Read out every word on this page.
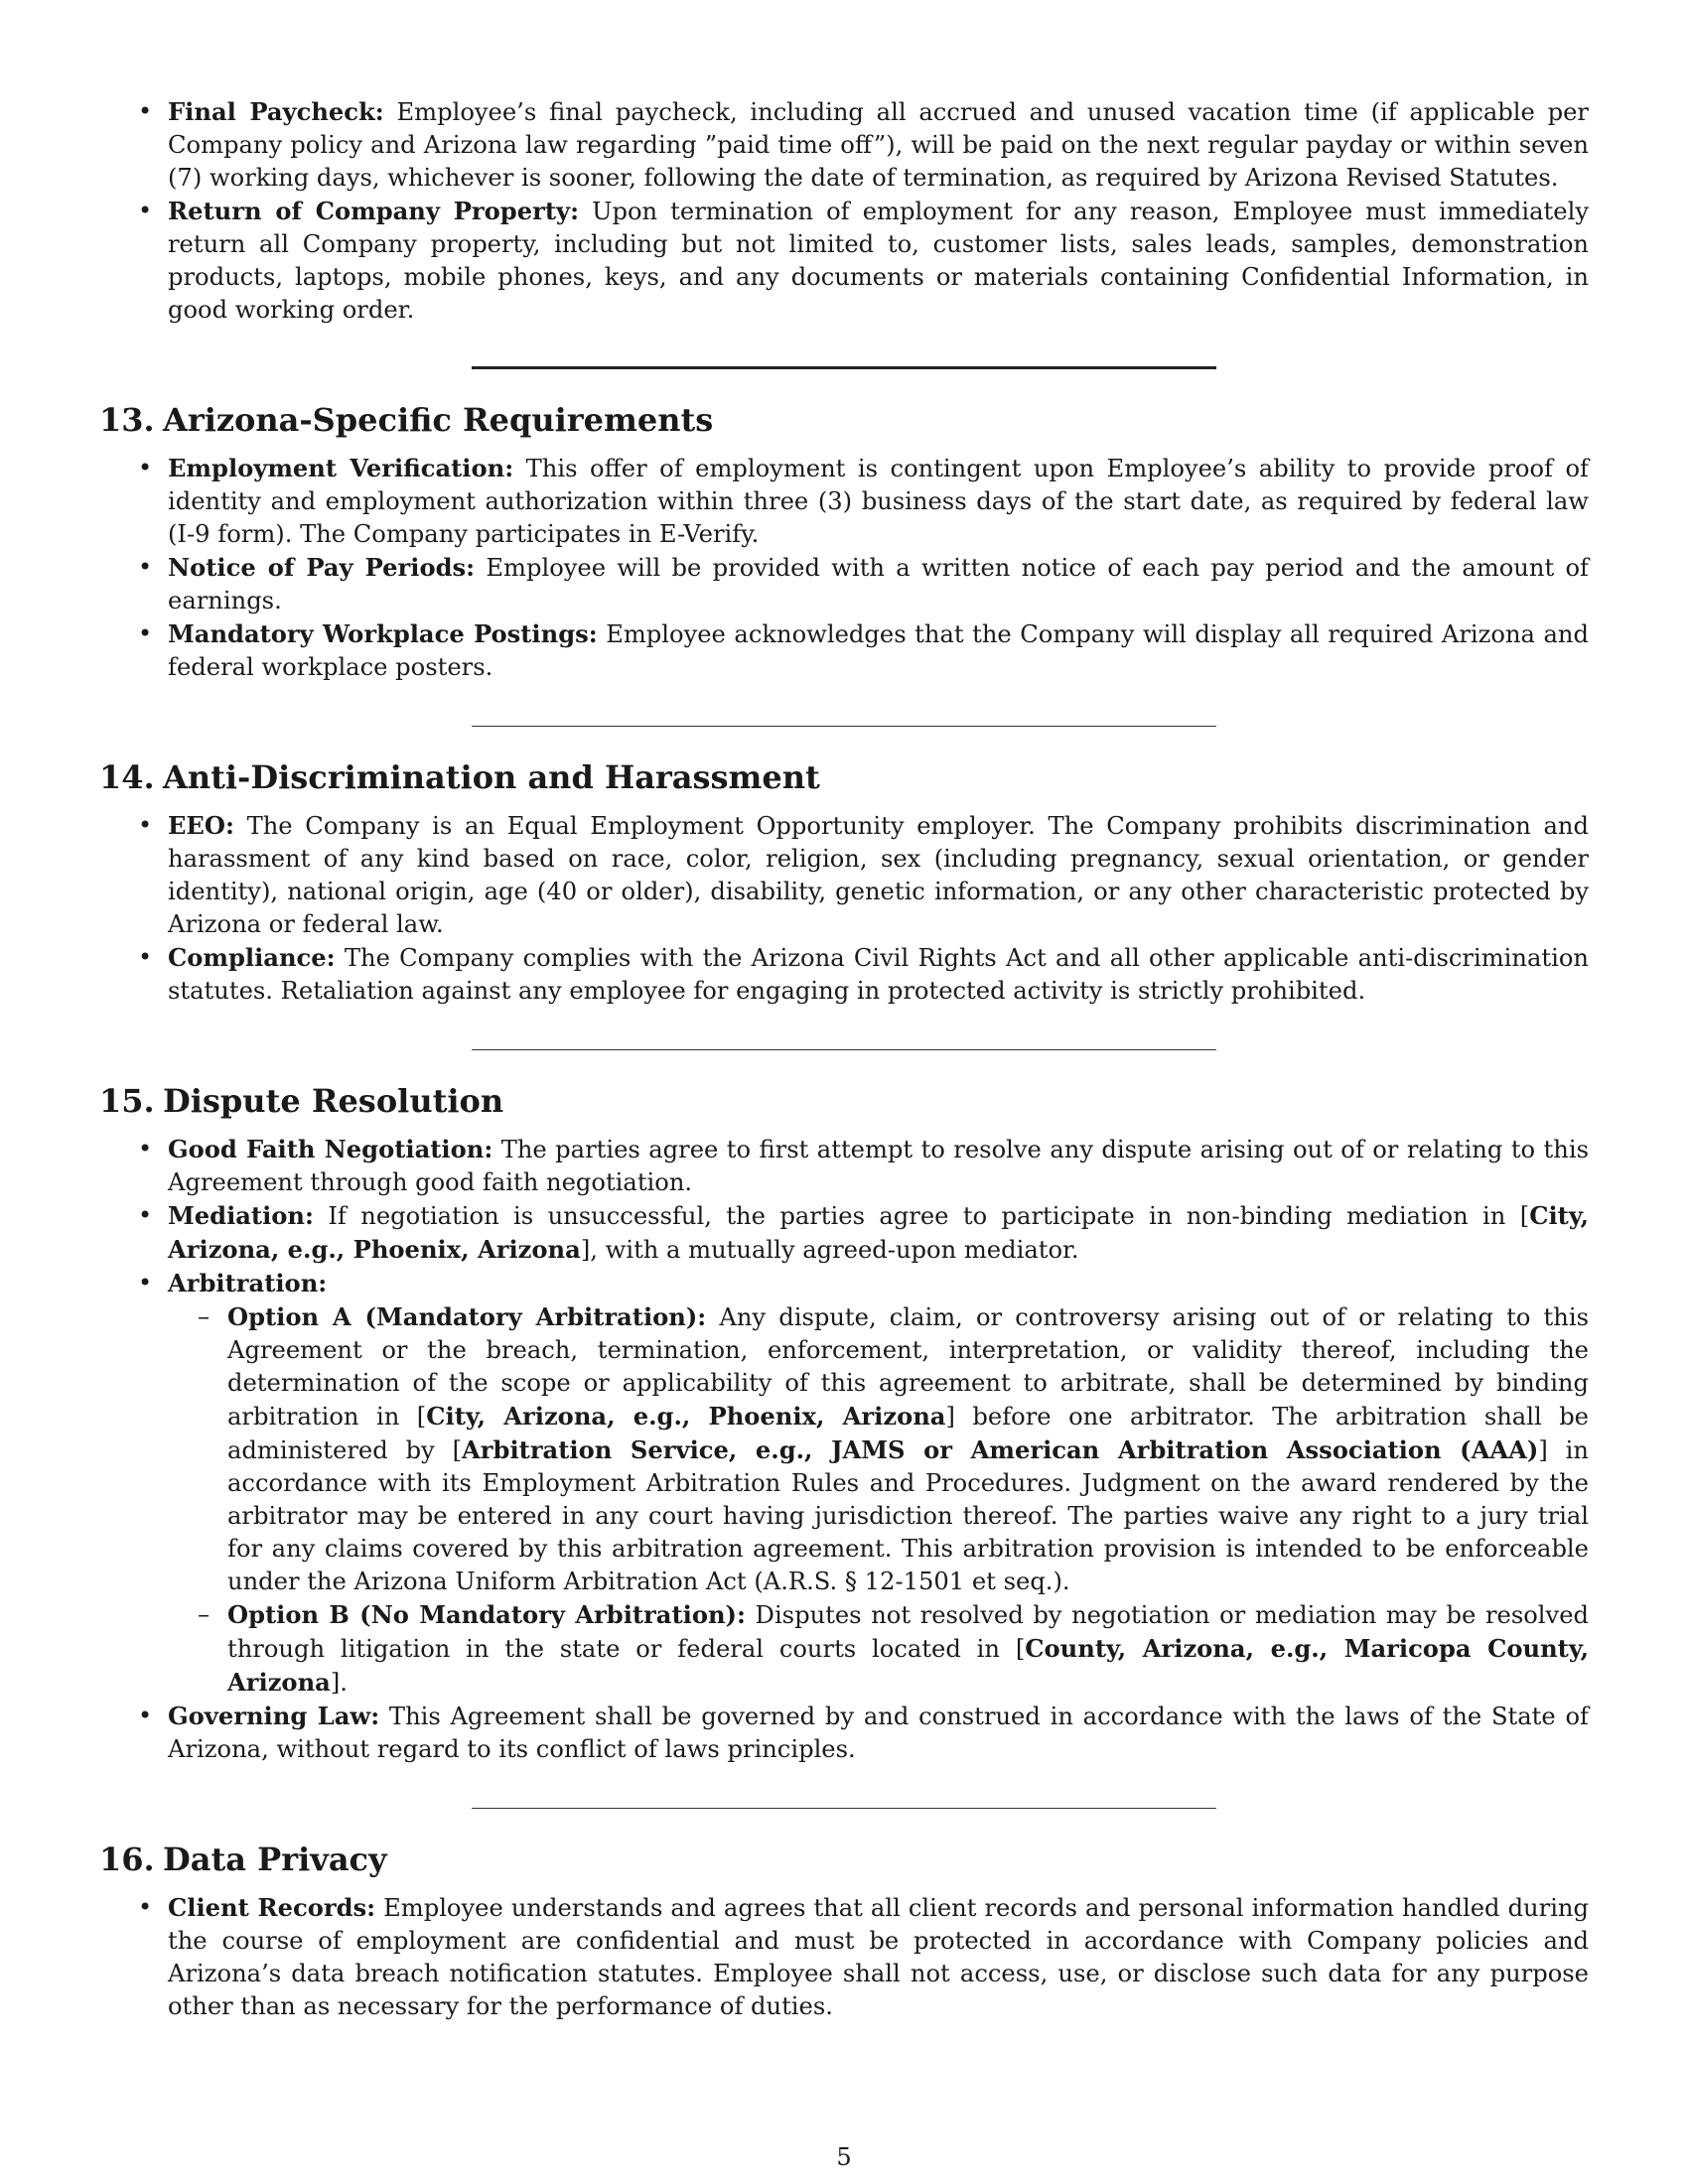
• Final Paycheck: Employee’s final paycheck, including all accrued and unused vacation time (if applicable per Company policy and Arizona law regarding ”paid time off”), will be paid on the next regular payday or within seven (7) working days, whichever is sooner, following the date of termination, as required by Arizona Revised Statutes.
• Return of Company Property: Upon termination of employment for any reason, Employee must immediately return all Company property, including but not limited to, customer lists, sales leads, samples, demonstration products, laptops, mobile phones, keys, and any documents or materials containing Confidential Information, in good working order.
13. Arizona-Specific Requirements
• Employment Verification: This offer of employment is contingent upon Employee’s ability to provide proof of identity and employment authorization within three (3) business days of the start date, as required by federal law (I-9 form). The Company participates in E-Verify.
• Notice of Pay Periods: Employee will be provided with a written notice of each pay period and the amount of earnings.
• Mandatory Workplace Postings: Employee acknowledges that the Company will display all required Arizona and federal workplace posters.
14. Anti-Discrimination and Harassment
• EEO: The Company is an Equal Employment Opportunity employer. The Company prohibits discrimination and harassment of any kind based on race, color, religion, sex (including pregnancy, sexual orientation, or gender identity), national origin, age (40 or older), disability, genetic information, or any other characteristic protected by Arizona or federal law.
• Compliance: The Company complies with the Arizona Civil Rights Act and all other applicable anti-discrimination statutes. Retaliation against any employee for engaging in protected activity is strictly prohibited.
15. Dispute Resolution
• Good Faith Negotiation: The parties agree to first attempt to resolve any dispute arising out of or relating to this Agreement through good faith negotiation.
• Mediation: If negotiation is unsuccessful, the parties agree to participate in non-binding mediation in [City, Arizona, e.g., Phoenix, Arizona], with a mutually agreed-upon mediator.
• Arbitration:
– Option A (Mandatory Arbitration): Any dispute, claim, or controversy arising out of or relating to this Agreement or the breach, termination, enforcement, interpretation, or validity thereof, including the determination of the scope or applicability of this agreement to arbitrate, shall be determined by binding arbitration in [City, Arizona, e.g., Phoenix, Arizona] before one arbitrator. The arbitration shall be administered by [Arbitration Service, e.g., JAMS or American Arbitration Association (AAA)] in accordance with its Employment Arbitration Rules and Procedures. Judgment on the award rendered by the arbitrator may be entered in any court having jurisdiction thereof. The parties waive any right to a jury trial for any claims covered by this arbitration agreement. This arbitration provision is intended to be enforceable under the Arizona Uniform Arbitration Act (A.R.S. § 12-1501 et seq.).
– Option B (No Mandatory Arbitration): Disputes not resolved by negotiation or mediation may be resolved through litigation in the state or federal courts located in [County, Arizona, e.g., Maricopa County, Arizona].
• Governing Law: This Agreement shall be governed by and construed in accordance with the laws of the State of Arizona, without regard to its conflict of laws principles.
16. Data Privacy
• Client Records: Employee understands and agrees that all client records and personal information handled during the course of employment are confidential and must be protected in accordance with Company policies and Arizona’s data breach notification statutes. Employee shall not access, use, or disclose such data for any purpose other than as necessary for the performance of duties.
5
